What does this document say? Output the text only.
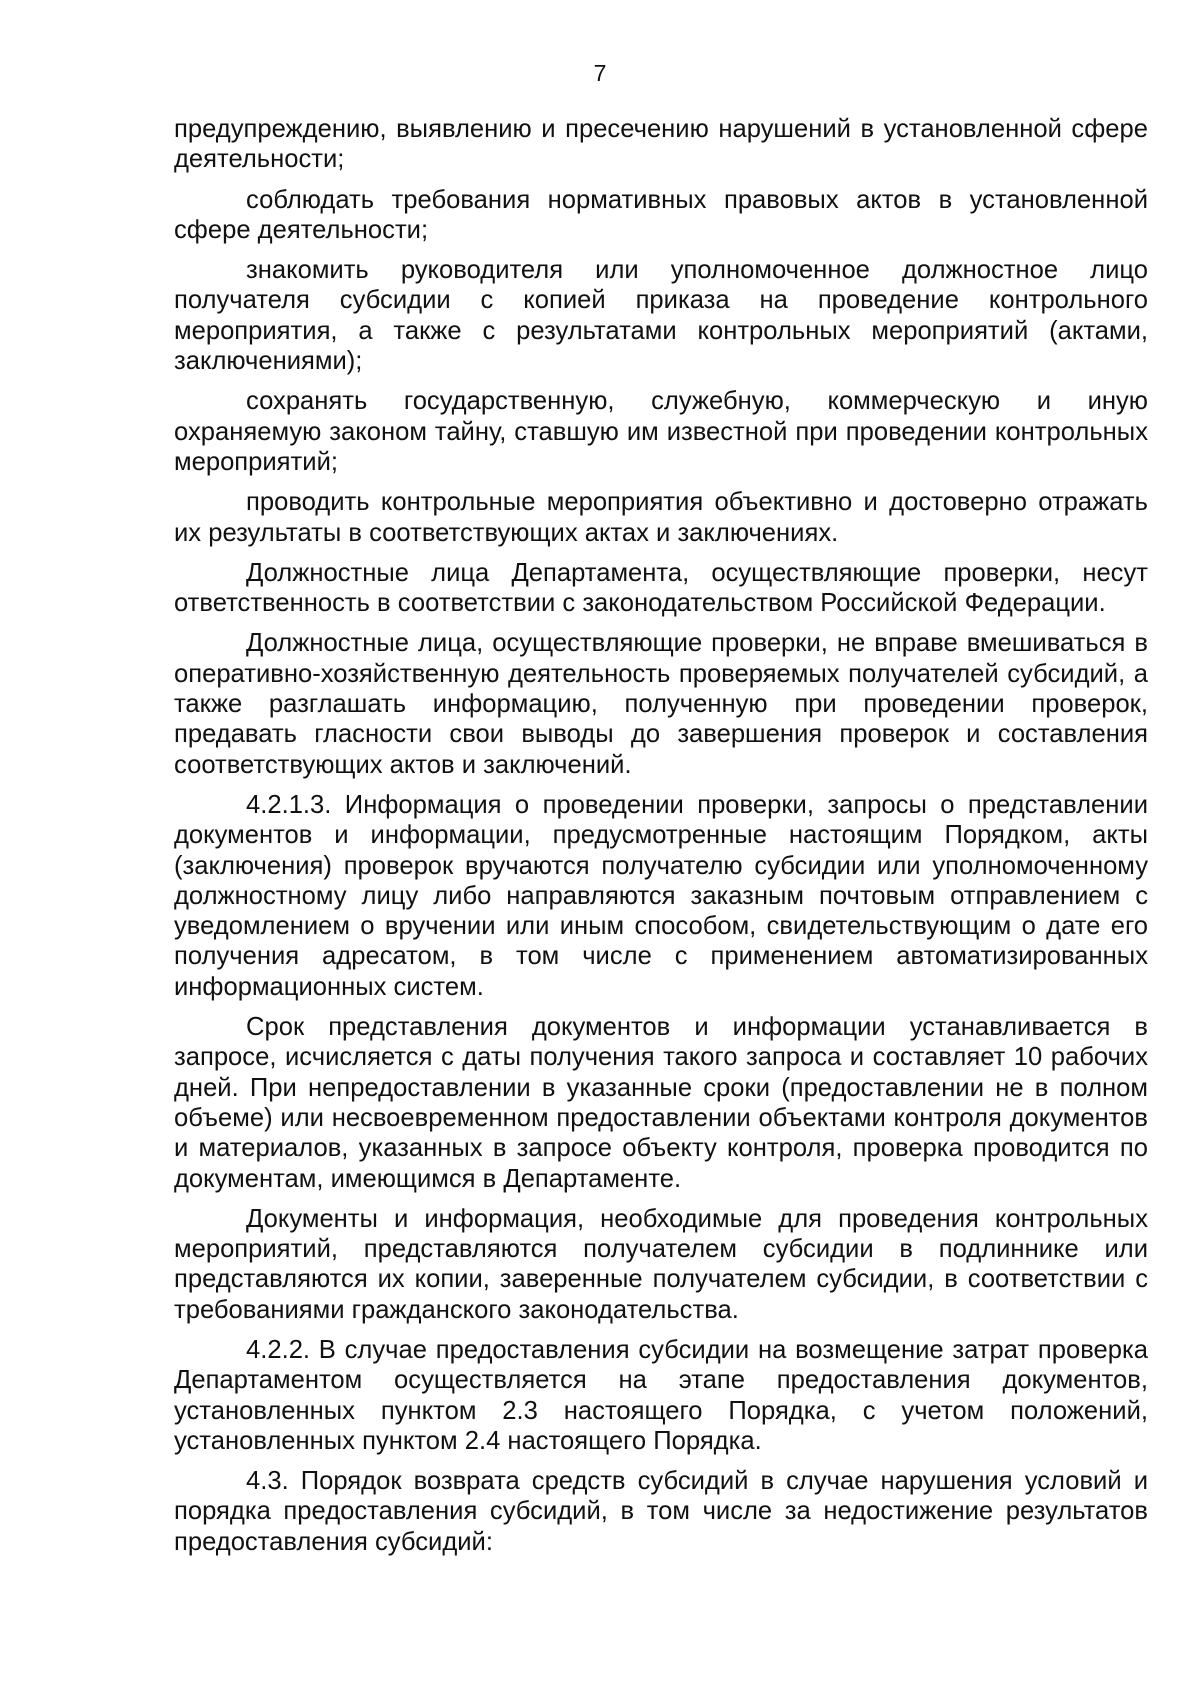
7

предупреждению, выявлению и пресечению нарушений в установленной сфере деятельности;

соблюдать требования нормативных правовых актов в установленной сфере деятельности;

знакомить руководителя или уполномоченное должностное лицо получателя субсидии с копией приказа на проведение контрольного мероприятия, а также с результатами контрольных мероприятий (актами, заключениями);

сохранять государственную, служебную, коммерческую и иную охраняемую законом тайну, ставшую им известной при проведении контрольных мероприятий;

проводить контрольные мероприятия объективно и достоверно отражать их результаты в соответствующих актах и заключениях.

Должностные лица Департамента, осуществляющие проверки, несут ответственность в соответствии с законодательством Российской Федерации.

Должностные лица, осуществляющие проверки, не вправе вмешиваться в оперативно-хозяйственную деятельность проверяемых получателей субсидий, а также разглашать информацию, полученную при проведении проверок, предавать гласности свои выводы до завершения проверок и составления соответствующих актов и заключений.

4.2.1.3. Информация о проведении проверки, запросы о представлении документов и информации, предусмотренные настоящим Порядком, акты (заключения) проверок вручаются получателю субсидии или уполномоченному должностному лицу либо направляются заказным почтовым отправлением с уведомлением о вручении или иным способом, свидетельствующим о дате его получения адресатом, в том числе с применением автоматизированных информационных систем.

Срок представления документов и информации устанавливается в запросе, исчисляется с даты получения такого запроса и составляет 10 рабочих дней. При непредоставлении в указанные сроки (предоставлении не в полном объеме) или несвоевременном предоставлении объектами контроля документов и материалов, указанных в запросе объекту контроля, проверка проводится по документам, имеющимся в Департаменте.

Документы и информация, необходимые для проведения контрольных мероприятий, представляются получателем субсидии в подлиннике или представляются их копии, заверенные получателем субсидии, в соответствии с требованиями гражданского законодательства.

4.2.2. В случае предоставления субсидии на возмещение затрат проверка Департаментом осуществляется на этапе предоставления документов, установленных пунктом 2.3 настоящего Порядка, с учетом положений, установленных пунктом 2.4 настоящего Порядка.

4.3. Порядок возврата средств субсидий в случае нарушения условий и порядка предоставления субсидий, в том числе за недостижение результатов предоставления субсидий:
